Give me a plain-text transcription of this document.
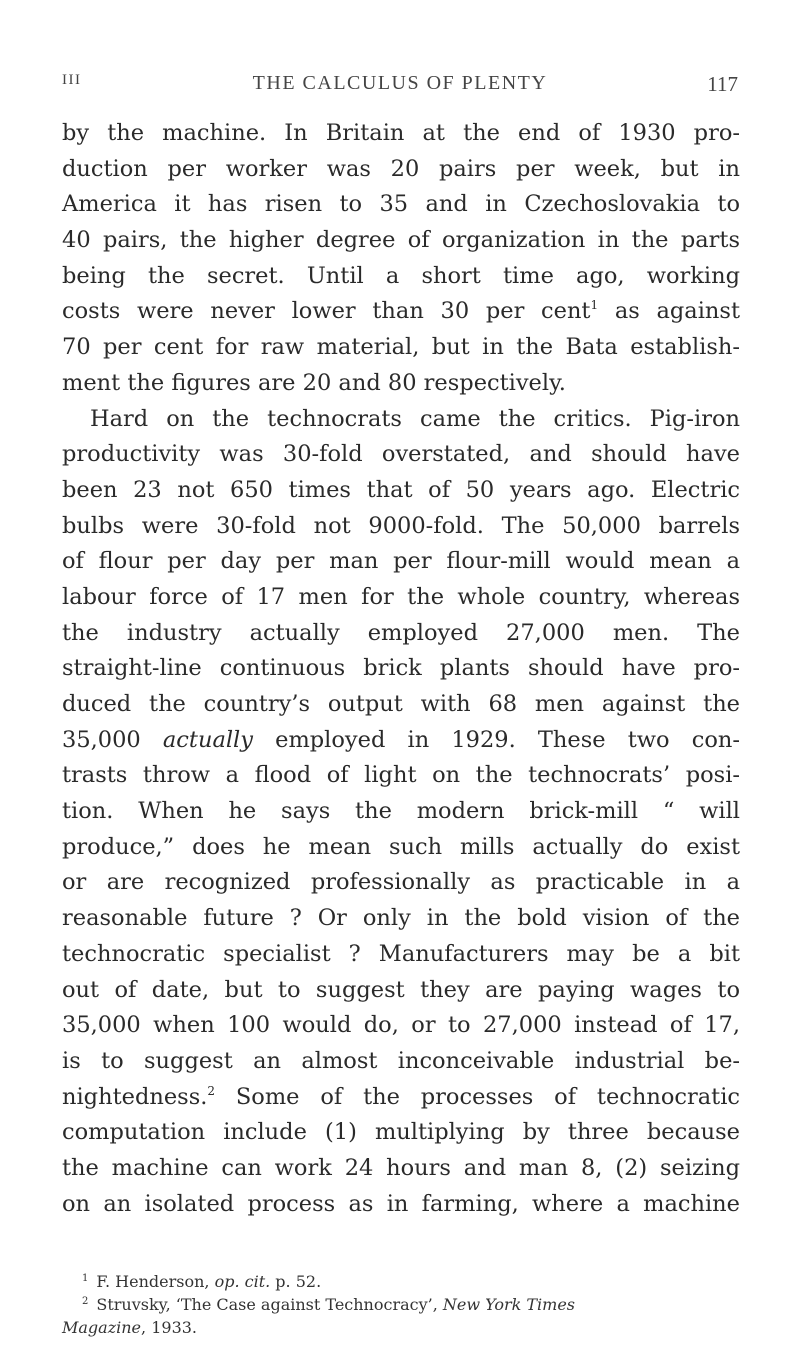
III	THE CALCULUS OF PLENTY	117
by the machine. In Britain at the end of 1930 pro-
duction per worker was 20 pairs per week, but in
America it has risen to 35 and in Czechoslovakia to
40 pairs, the higher degree of organization in the parts
being the secret. Until a short time ago, working
costs were never lower than 30 per cent$^1$ as against
70 per cent for raw material, but in the Bata establish-
ment the figures are 20 and 80 respectively.
Hard on the technocrats came the critics. Pig-iron
productivity was 30-fold overstated, and should have
been 23 not 650 times that of 50 years ago. Electric
bulbs were 30-fold not 9000-fold. The 50,000 barrels
of flour per day per man per flour-mill would mean a
labour force of 17 men for the whole country, whereas
the industry actually employed 27,000 men. The
straight-line continuous brick plants should have pro-
duced the country’s output with 68 men against the
35,000 actually employed in 1929. These two con-
trasts throw a flood of light on the technocrats’ posi-
tion. When he says the modern brick-mill “ will
produce,” does he mean such mills actually do exist
or are recognized professionally as practicable in a
reasonable future ? Or only in the bold vision of the
technocratic specialist ? Manufacturers may be a bit
out of date, but to suggest they are paying wages to
35,000 when 100 would do, or to 27,000 instead of 17,
is to suggest an almost inconceivable industrial be-
nightedness.$^2$ Some of the processes of technocratic
computation include (1) multiplying by three because
the machine can work 24 hours and man 8, (2) seizing
on an isolated process as in farming, where a machine
$^1$ F. Henderson, op. cit. p. 52.
$^2$ Struvsky, ‘The Case against Technocracy’, New York Times
Magazine, 1933.
